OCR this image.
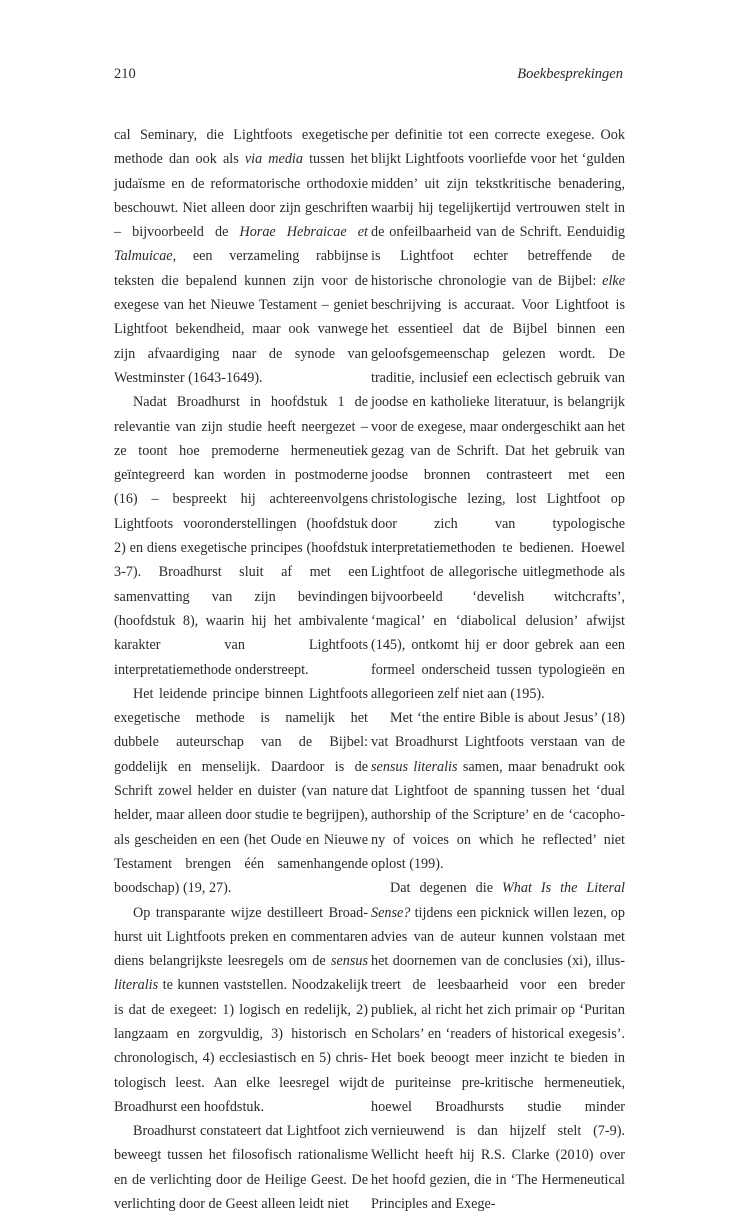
210	Boekbesprekingen

cal Seminary, die Lightfoots exegetische methode dan ook als via media tussen het judaïsme en de reformatorische orthodoxie beschouwt. Niet alleen door zijn geschriften – bijvoorbeeld de Horae Hebraicae et Talmuicae, een verzameling rabbijnse teksten die bepalend kunnen zijn voor de exegese van het Nieuwe Testament – geniet Lightfoot bekendheid, maar ook vanwege zijn afvaardiging naar de synode van Westminster (1643-1649).

Nadat Broadhurst in hoofdstuk 1 de relevantie van zijn studie heeft neergezet – ze toont hoe premoderne hermeneutiek geïntegreerd kan worden in postmoderne (16) – bespreekt hij achtereenvolgens Lightfoots vooronderstellingen (hoofdstuk 2) en diens exegetische principes (hoofdstuk 3-7). Broadhurst sluit af met een samenvatting van zijn bevindingen (hoofdstuk 8), waarin hij het ambivalente karakter van Lightfoots interpretatiemethode onderstreept.

Het leidende principe binnen Lightfoots exegetische methode is namelijk het dubbele auteurschap van de Bijbel: goddelijk en menselijk. Daardoor is de Schrift zowel helder en duister (van nature helder, maar alleen door studie te begrijpen), als gescheiden en een (het Oude en Nieuwe Testament brengen één samenhangende boodschap) (19, 27).

Op transparante wijze destilleert Broadhurst uit Lightfoots preken en commentaren diens belangrijkste leesregels om de sensus literalis te kunnen vaststellen. Noodzakelijk is dat de exegeet: 1) logisch en redelijk, 2) langzaam en zorgvuldig, 3) historisch en chronologisch, 4) ecclesiastisch en 5) christologisch leest. Aan elke leesregel wijdt Broadhurst een hoofdstuk.

Broadhurst constateert dat Lightfoot zich beweegt tussen het filosofisch rationalisme en de verlichting door de Heilige Geest. De verlichting door de Geest alleen leidt niet

per definitie tot een correcte exegese. Ook blijkt Lightfoots voorliefde voor het ‘gulden midden’ uit zijn tekstkritische benadering, waarbij hij tegelijkertijd vertrouwen stelt in de onfeilbaarheid van de Schrift. Eenduidig is Lightfoot echter betreffende de historische chronologie van de Bijbel: elke beschrijving is accuraat. Voor Lightfoot is het essentieel dat de Bijbel binnen een geloofsgemeenschap gelezen wordt. De traditie, inclusief een eclectisch gebruik van joodse en katholieke literatuur, is belangrijk voor de exegese, maar ondergeschikt aan het gezag van de Schrift. Dat het gebruik van joodse bronnen contrasteert met een christologische lezing, lost Lightfoot op door zich van typologische interpretatiemethoden te bedienen. Hoewel Lightfoot de allegorische uitlegmethode als bijvoorbeeld ‘develish witchcrafts’, ‘magical’ en ‘diabolical delusion’ afwijst (145), ontkomt hij er door gebrek aan een formeel onderscheid tussen typologieën en allegorieen zelf niet aan (195).

Met ‘the entire Bible is about Jesus’ (18) vat Broadhurst Lightfoots verstaan van de sensus literalis samen, maar benadrukt ook dat Lightfoot de spanning tussen het ‘dual authorship of the Scripture’ en de ‘cacophony of voices on which he reflected’ niet oplost (199).

Dat degenen die What Is the Literal Sense? tijdens een picknick willen lezen, op advies van de auteur kunnen volstaan met het doornemen van de conclusies (xi), illustreert de leesbaarheid voor een breder publiek, al richt het zich primair op ‘Puritan Scholars’ en ‘readers of historical exegesis’. Het boek beoogt meer inzicht te bieden in de puriteinse pre-kritische hermeneutiek, hoewel Broadhursts studie minder vernieuwend is dan hijzelf stelt (7-9). Wellicht heeft hij R.S. Clarke (2010) over het hoofd gezien, die in ‘The Hermeneutical Principles and Exege-
